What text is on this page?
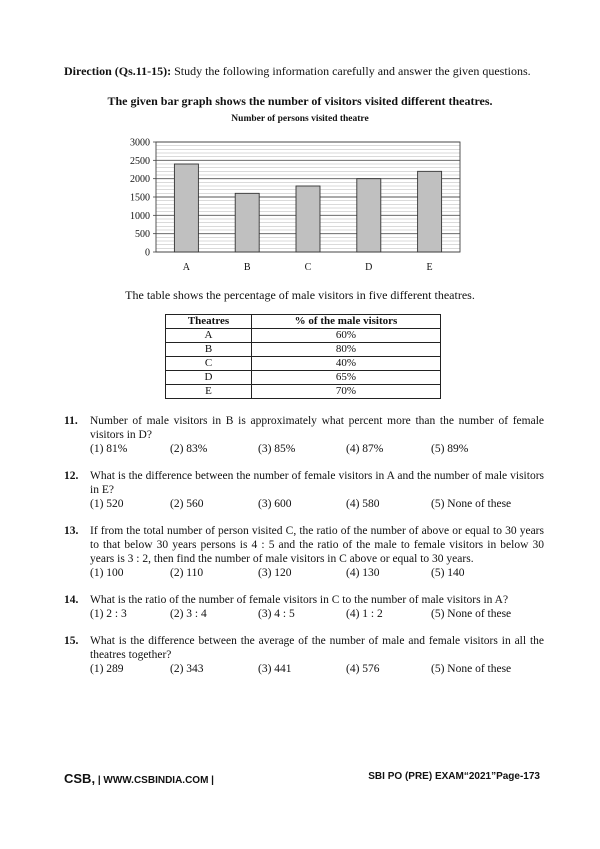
Direction (Qs.11-15): Study the following information carefully and answer the given questions.
The given bar graph shows the number of visitors visited different theatres.
Number of persons visited theatre
0
500
1000
1500
2000
2500
3000
A	B	C	D	E
The table shows the percentage of male visitors in five different theatres.
Theatres	% of the male visitors
A	60%
B	80%
C	40%
D	65%
E	70%
11. Number of male visitors in B is approximately what percent more than the number of female visitors in D?
(1) 81%	(2) 83%	(3) 85%	(4) 87%	(5) 89%
12. What is the difference between the number of female visitors in A and the number of male visitors in E?
(1) 520	(2) 560	(3) 600	(4) 580	(5) None of these
13. If from the total number of person visited C, the ratio of the number of above or equal to 30 years to that below 30 years persons is 4 : 5 and the ratio of the male to female visitors in below 30 years is 3 : 2, then find the number of male visitors in C above or equal to 30 years.
(1) 100	(2) 110	(3) 120	(4) 130	(5) 140
14. What is the ratio of the number of female visitors in C to the number of male visitors in A?
(1) 2 : 3	(2) 3 : 4	(3) 4 : 5	(4) 1 : 2	(5) None of these
15. What is the difference between the average of the number of male and female visitors in all the theatres together?
(1) 289	(2) 343	(3) 441	(4) 576	(5) None of these
CSB, | WWW.CSBINDIA.COM |	SBI PO (PRE) EXAM“2021”Page-173
